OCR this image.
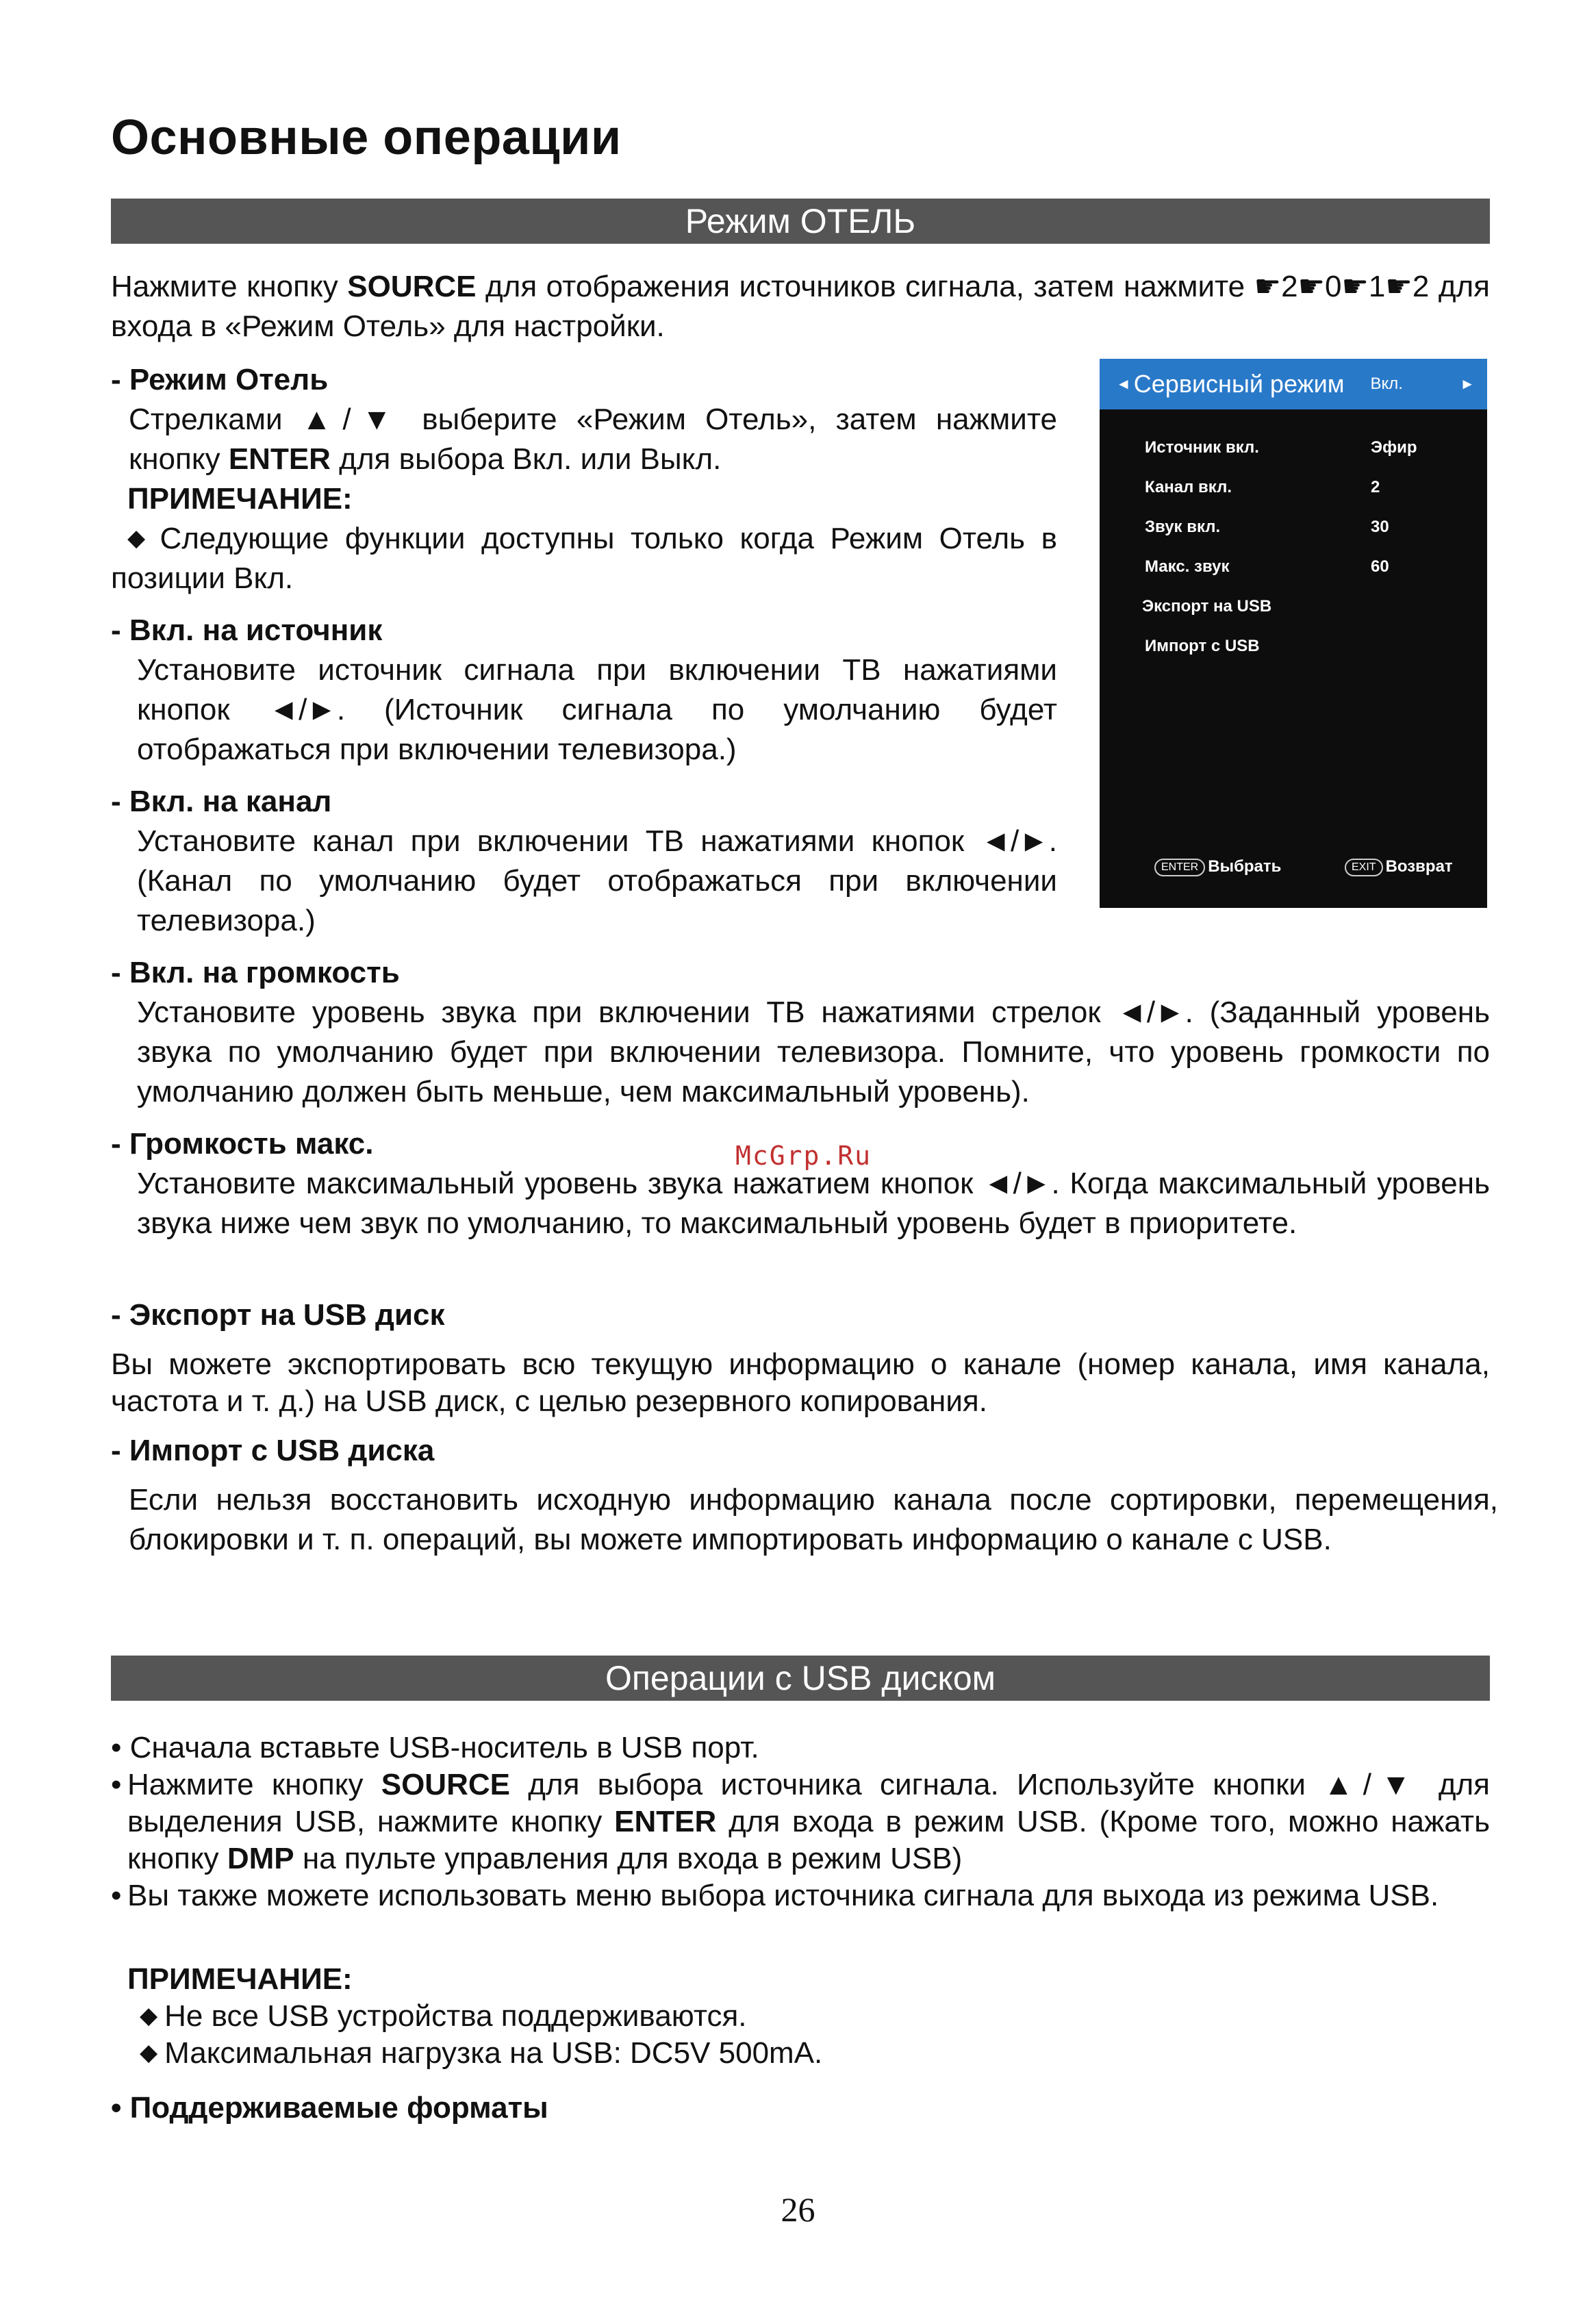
Основные операции
Режим ОТЕЛЬ
Нажмите кнопку SOURCE для отображения источников сигнала, затем нажмите ☛2☛0☛1☛2 для входа в «Режим Отель» для настройки.
- Режим Отель

Стрелками ▲/▼ выберите «Режим Отель», затем нажмите

кнопку ENTER для выбора Вкл. или Выкл.

ПРИМЕЧАНИЕ:

◆ Следующие функции доступны только когда Режим Отель в

позиции Вкл.

- Вкл. на источник

Установите источник сигнала при включении ТВ нажатиями кнопок ◄/►. (Источник сигнала по умолчанию будет отображаться при включении телевизора.)

- Вкл. на канал

Установите канал при включении ТВ нажатиями кнопок ◄/►. (Канал по умолчанию будет отображаться при включении телевизора.)

- Вкл. на громкость

Установите уровень звука при включении ТВ нажатиями стрелок ◄/►. (Заданный уровень звука по умолчанию будет при включении телевизора. Помните, что уровень громкости по умолчанию должен быть меньше, чем максимальный уровень).

- Громкость макс.

Установите максимальный уровень звука нажатием кнопок ◄/►. Когда максимальный уровень звука ниже чем звук по умолчанию, то максимальный уровень будет в приоритете.

- Экспорт на USB диск

Вы можете экспортировать всю текущую информацию о канале (номер канала, имя канала, частота и т. д.) на USB диск, с целью резервного копирования.

- Импорт с USB диска

Если нельзя восстановить исходную информацию канала после сортировки, перемещения, блокировки и т. п. операций, вы можете импортировать информацию о канале с USB.

◄ Сервисный режим Вкл.	►
Источник вкл.	Эфир
Канал вкл.	2
Звук вкл.	30
Макс. звук	60
Экспорт на USB
Импорт с USB
ENTER Выбрать	EXIT Возврат
McGrp.Ru
Операции с USB диском

• Сначала вставьте USB-носитель в USB порт.

• Нажмите кнопку SOURCE для выбора источника сигнала. Используйте кнопки ▲/▼ для выделения USB, нажмите кнопку ENTER для входа в режим USB. (Кроме того, можно нажать кнопку DMP на пульте управления для входа в режим USB)

• Вы также можете использовать меню выбора источника сигнала для выхода из режима USB.

ПРИМЕЧАНИЕ:

◆ Не все USB устройства поддерживаются.

◆ Максимальная нагрузка на USB: DC5V 500mA.

• Поддерживаемые форматы
26
